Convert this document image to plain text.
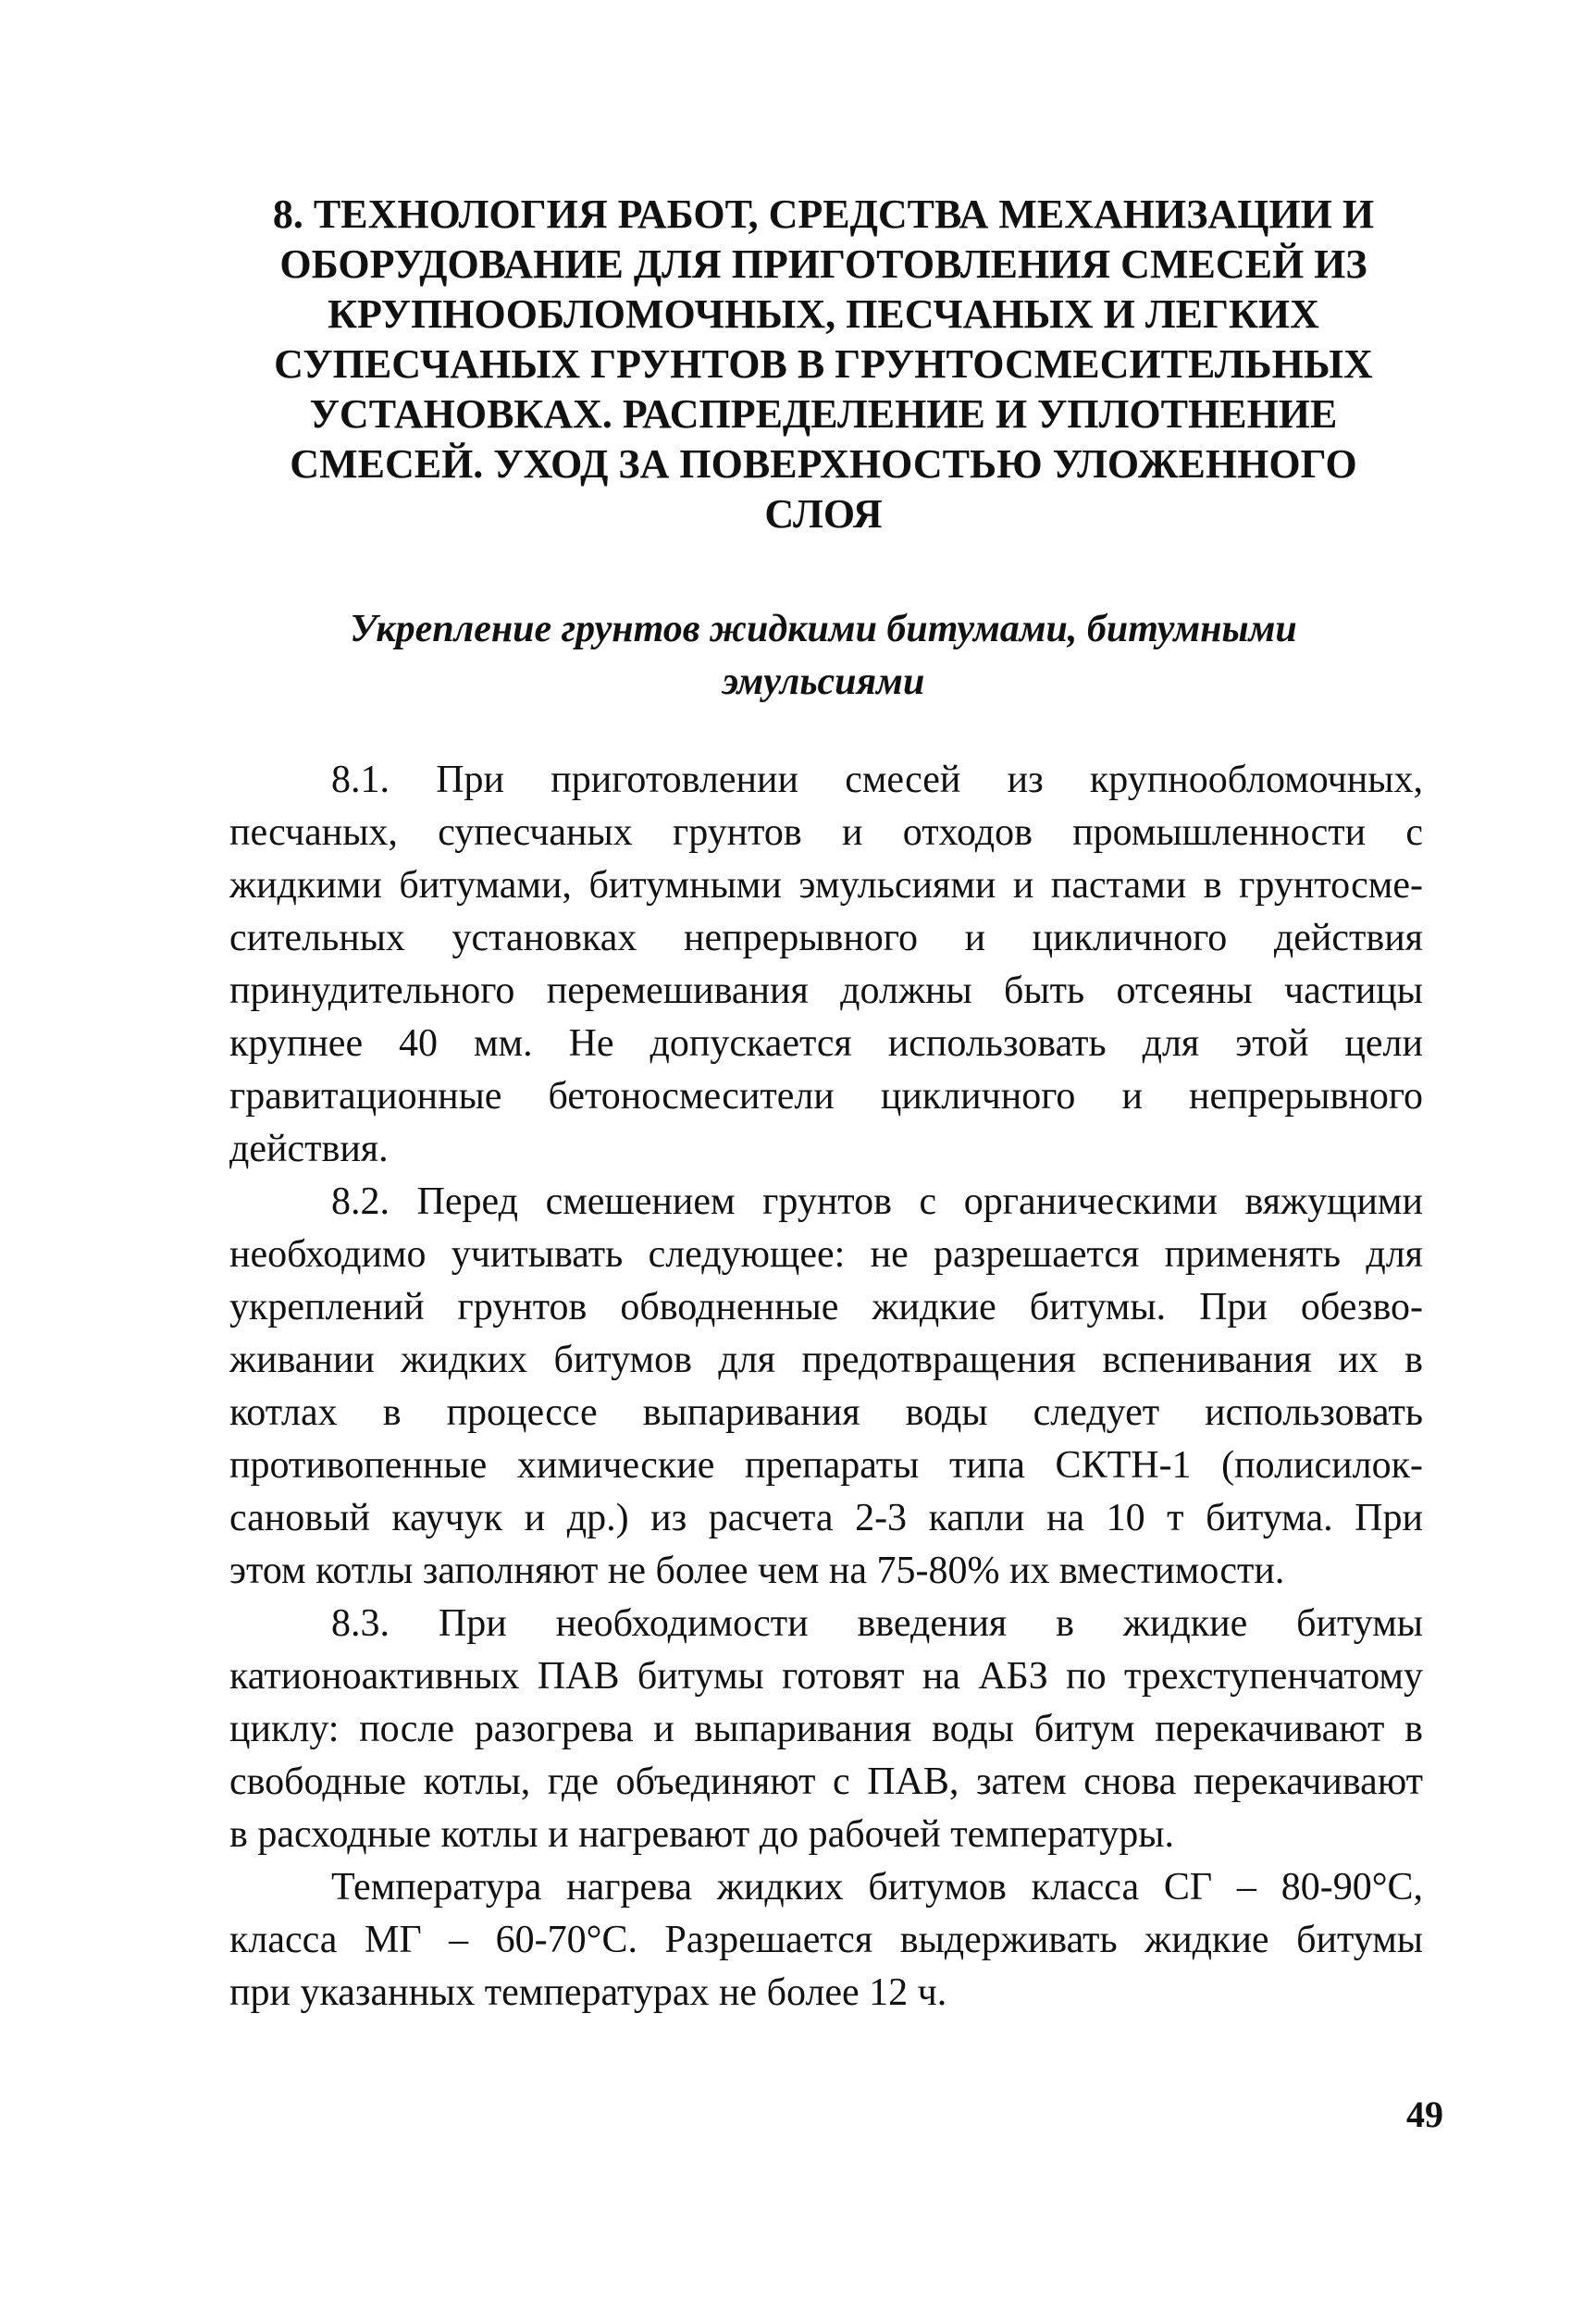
8. ТЕХНОЛОГИЯ РАБОТ, СРЕДСТВА МЕХАНИЗАЦИИ И
ОБОРУДОВАНИЕ ДЛЯ ПРИГОТОВЛЕНИЯ СМЕСЕЙ ИЗ
КРУПНООБЛОМОЧНЫХ, ПЕСЧАНЫХ И ЛЕГКИХ
СУПЕСЧАНЫХ ГРУНТОВ В ГРУНТОСМЕСИТЕЛЬНЫХ
УСТАНОВКАХ. РАСПРЕДЕЛЕНИЕ И УПЛОТНЕНИЕ
СМЕСЕЙ. УХОД ЗА ПОВЕРХНОСТЬЮ УЛОЖЕННОГО
СЛОЯ
Укрепление грунтов жидкими битумами, битумными
эмульсиями
8.1. При приготовлении смесей из крупнообломочных,
песчаных, супесчаных грунтов и отходов промышленности с
жидкими битумами, битумными эмульсиями и пастами в грунтосме-
сительных установках непрерывного и цикличного действия
принудительного перемешивания должны быть отсеяны частицы
крупнее 40 мм. Не допускается использовать для этой цели
гравитационные бетоносмесители цикличного и непрерывного
действия.
8.2. Перед смешением грунтов с органическими вяжущими
необходимо учитывать следующее: не разрешается применять для
укреплений грунтов обводненные жидкие битумы. При обезво-
живании жидких битумов для предотвращения вспенивания их в
котлах в процессе выпаривания воды следует использовать
противопенные химические препараты типа СКТН-1 (полисилок-
сановый каучук и др.) из расчета 2-3 капли на 10 т битума. При
этом котлы заполняют не более чем на 75-80% их вместимости.
8.3. При необходимости введения в жидкие битумы
катионоактивных ПАВ битумы готовят на АБЗ по трехступенчатому
циклу: после разогрева и выпаривания воды битум перекачивают в
свободные котлы, где объединяют с ПАВ, затем снова перекачивают
в расходные котлы и нагревают до рабочей температуры.
Температура нагрева жидких битумов класса СГ – 80-90°С,
класса МГ – 60-70°С. Разрешается выдерживать жидкие битумы
при указанных температурах не более 12 ч.
49
